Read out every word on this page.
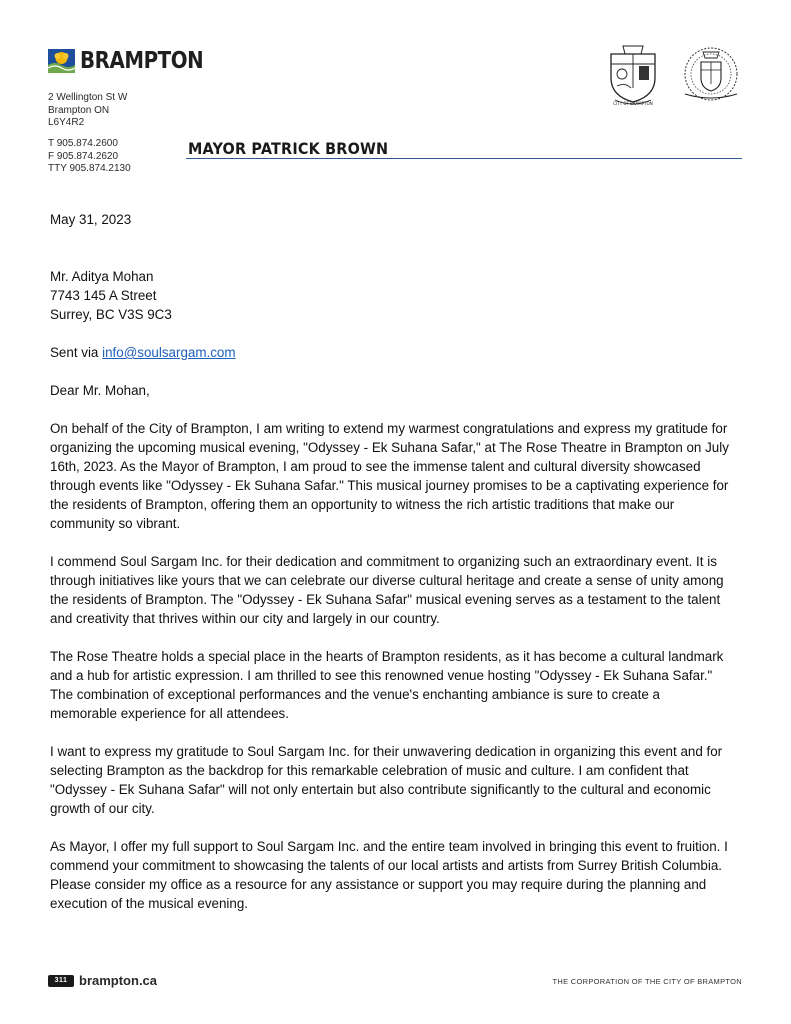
BRAMPTON
2 Wellington St W
Brampton ON
L6Y4R2
T 905.874.2600
F 905.874.2620
TTY 905.874.2130
MAYOR PATRICK BROWN
CITY OF BRAMPTON

May 31, 2023

Mr. Aditya Mohan

7743 145 A Street

Surrey, BC V3S 9C3

Sent via info@soulsargam.com

Dear Mr. Mohan,

On behalf of the City of Brampton, I am writing to extend my warmest congratulations and express my gratitude for organizing the upcoming musical evening, "Odyssey - Ek Suhana Safar," at The Rose Theatre in Brampton on July 16th, 2023. As the Mayor of Brampton, I am proud to see the immense talent and cultural diversity showcased through events like "Odyssey - Ek Suhana Safar." This musical journey promises to be a captivating experience for the residents of Brampton, offering them an opportunity to witness the rich artistic traditions that make our community so vibrant.

I commend Soul Sargam Inc. for their dedication and commitment to organizing such an extraordinary event. It is through initiatives like yours that we can celebrate our diverse cultural heritage and create a sense of unity among the residents of Brampton. The "Odyssey - Ek Suhana Safar" musical evening serves as a testament to the talent and creativity that thrives within our city and largely in our country.

The Rose Theatre holds a special place in the hearts of Brampton residents, as it has become a cultural landmark and a hub for artistic expression. I am thrilled to see this renowned venue hosting "Odyssey - Ek Suhana Safar." The combination of exceptional performances and the venue's enchanting ambiance is sure to create a memorable experience for all attendees.

I want to express my gratitude to Soul Sargam Inc. for their unwavering dedication in organizing this event and for selecting Brampton as the backdrop for this remarkable celebration of music and culture. I am confident that "Odyssey - Ek Suhana Safar" will not only entertain but also contribute significantly to the cultural and economic growth of our city.

As Mayor, I offer my full support to Soul Sargam Inc. and the entire team involved in bringing this event to fruition. I commend your commitment to showcasing the talents of our local artists and artists from Surrey British Columbia. Please consider my office as a resource for any assistance or support you may require during the planning and execution of the musical evening.

311 brampton.ca	THE CORPORATION OF THE CITY OF BRAMPTON
